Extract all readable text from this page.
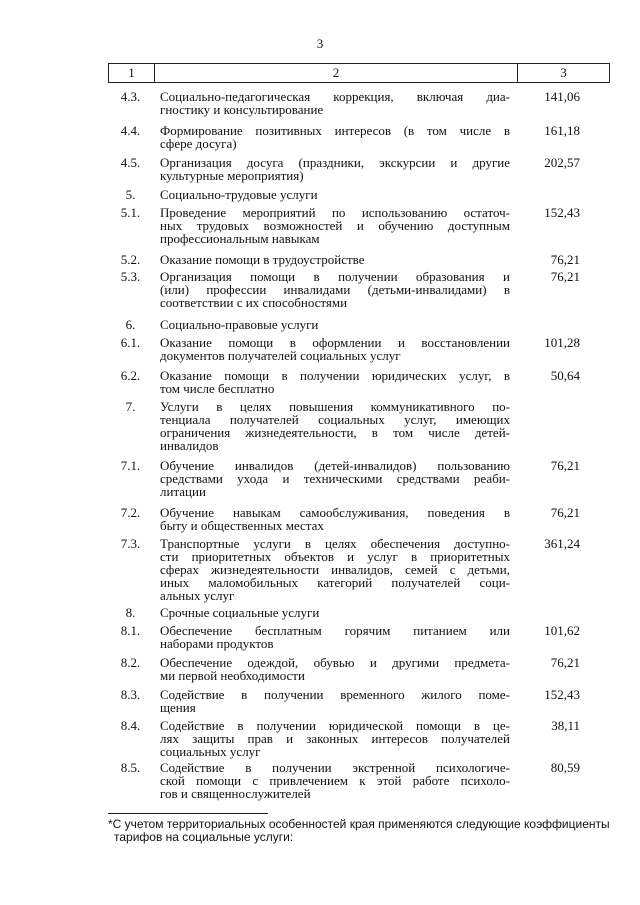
3
1	2	3
4.3.	Социально-педагогическая коррекция, включая диа-
гностику и консультирование
141,06
4.4.	Формирование позитивных интересов (в том числе в
сфере досуга)
161,18
4.5.	Организация досуга (праздники, экскурсии и другие
культурные мероприятия)
202,57
5.	Социально-трудовые услуги
5.1.	Проведение мероприятий по использованию остаточ-
ных трудовых возможностей и обучению доступным
профессиональным навыкам
152,43
5.2.	Оказание помощи в трудоустройстве	76,21
5.3.	Организация помощи в получении образования и
(или) профессии инвалидами (детьми-инвалидами) в
соответствии с их способностями
76,21
6.	Социально-правовые услуги
6.1.	Оказание помощи в оформлении и восстановлении
документов получателей социальных услуг
101,28
6.2.	Оказание помощи в получении юридических услуг, в
том числе бесплатно
50,64
7.	Услуги в целях повышения коммуникативного по-
тенциала получателей социальных услуг, имеющих
ограничения жизнедеятельности, в том числе детей-
инвалидов
7.1.	Обучение инвалидов (детей-инвалидов) пользованию
средствами ухода и техническими средствами реаби-
литации
76,21
7.2.	Обучение навыкам самообслуживания, поведения в
быту и общественных местах
76,21
7.3.	Транспортные услуги в целях обеспечения доступно-
сти приоритетных объектов и услуг в приоритетных
сферах жизнедеятельности инвалидов, семей с детьми,
иных маломобильных категорий получателей соци-
альных услуг
361,24
8.	Срочные социальные услуги
8.1.	Обеспечение бесплатным горячим питанием или
наборами продуктов
101,62
8.2.	Обеспечение одеждой, обувью и другими предмета-
ми первой необходимости
76,21
8.3.	Содействие в получении временного жилого поме-
щения
152,43
8.4.	Содействие в получении юридической помощи в це-
лях защиты прав и законных интересов получателей
социальных услуг
38,11
8.5.	Содействие в получении экстренной психологиче-
ской помощи с привлечением к этой работе психоло-
гов и священнослужителей
80,59
*С учетом территориальных особенностей края применяются следующие коэффициенты
тарифов на социальные услуги:
